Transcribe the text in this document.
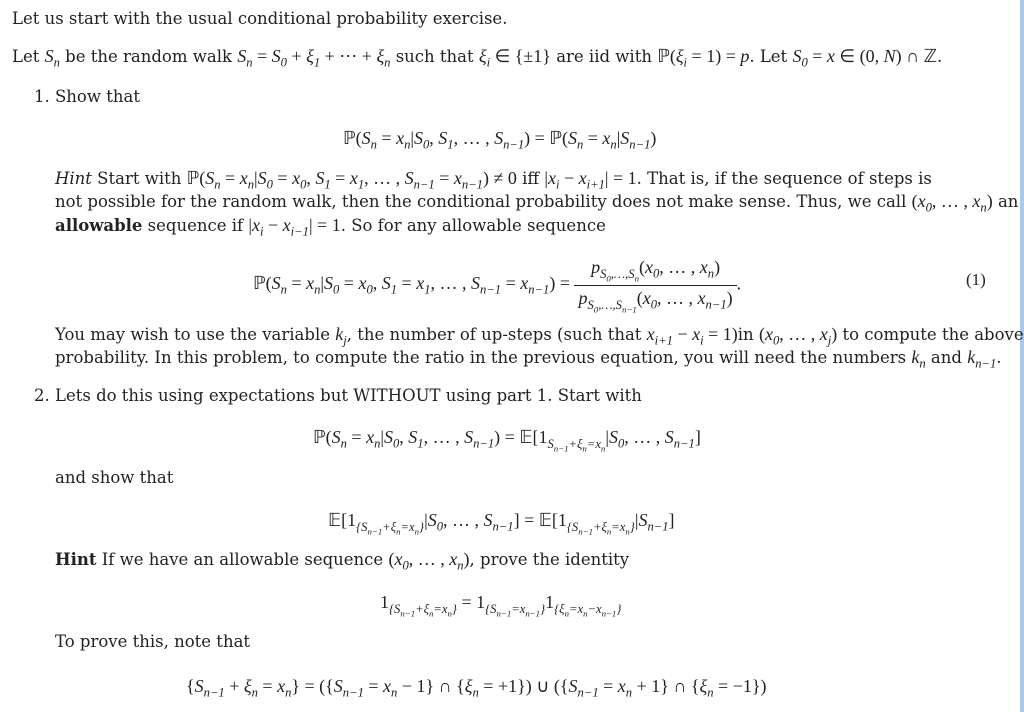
Let us start with the usual conditional probability exercise.
Let $S_n$ be the random walk $S_n = S_0 + \xi_1$ + ⋯ + $\xi_n$ such that $\xi_i$ ∈ {±1} are iid with $ℙ(\xi_i = 1) = p$. Let $S_0 = x$ ∈ (0, N) ∩ ℤ.
1. Show that
$ℙ(S_n = x_n|S_0$, $S_1$, … , $S_{n-1}$) = $ℙ(S_n = x_n|S_{n-1})$
Hint Start with $ℙ(S_n = x_n|S_0 = x_0$, $S_1 = x_1$, … , $S_{n-1} = x_{n-1}) \ne 0$ iff $|x_i - x_{i+1}| = 1$. That is, if the sequence of steps is
not possible for the random walk, then the conditional probability does not make sense. Thus, we call ($x_0$, … , $x_n$) an
allowable sequence if $|x_i - x_{i-1}| = 1$. So for any allowable sequence
$ℙ(S_n = x_n|S_0 = x_0$, $S_1 = x_1$, … , $S_{n-1} = x_{n-1}) = \frac{p_{S_0,\dots,S_n}(x_0, \dots , x_n)}{p_{S_0,\dots,S_{n-1}}(x_0, \dots , x_{n-1})}$ .	(1)
You may wish to use the variable $k_j$, the number of up-steps (such that $x_{i+1} - x_i = 1)in$ ($x_0$, … , $x_j$) to compute the above
probability. In this problem, to compute the ratio in the previous equation, you will need the numbers $k_n$ and $k_{n-1}$.
2. Lets do this using expectations but WITHOUT using part 1. Start with
$ℙ(S_n = x_n|S_0$, $S_1$, … , $S_{n-1}$) = $𝔼[1_{S_{n-1}+\xi_n=x_n}|S_0$, … , $S_{n-1}$]
and show that
$𝔼[1_{\{S_{n-1}+\xi_n=x_n\}}|S_0$, … , $S_{n-1}$] = $𝔼[1_{\{S_{n-1}+\xi_n=x_n\}}|S_{n-1}]$
Hint If we have an allowable sequence ($x_0$, … , $x_n$), prove the identity
$1_{\{S_{n-1}+\xi_n=x_n\}} = 1_{\{S_{n-1}=x_{n-1}\}}1_{\{\xi_n=x_n-x_{n-1}\}}$
To prove this, note that
$\{S_{n-1} + \xi_n = x_n\} = (\{S_{n-1} = x_n - 1\}$ ∩ $\{\xi_n = +1\}$) ∪ ($\{S_{n-1} = x_n + 1\}$ ∩ $\{\xi_n = -1\}$)
